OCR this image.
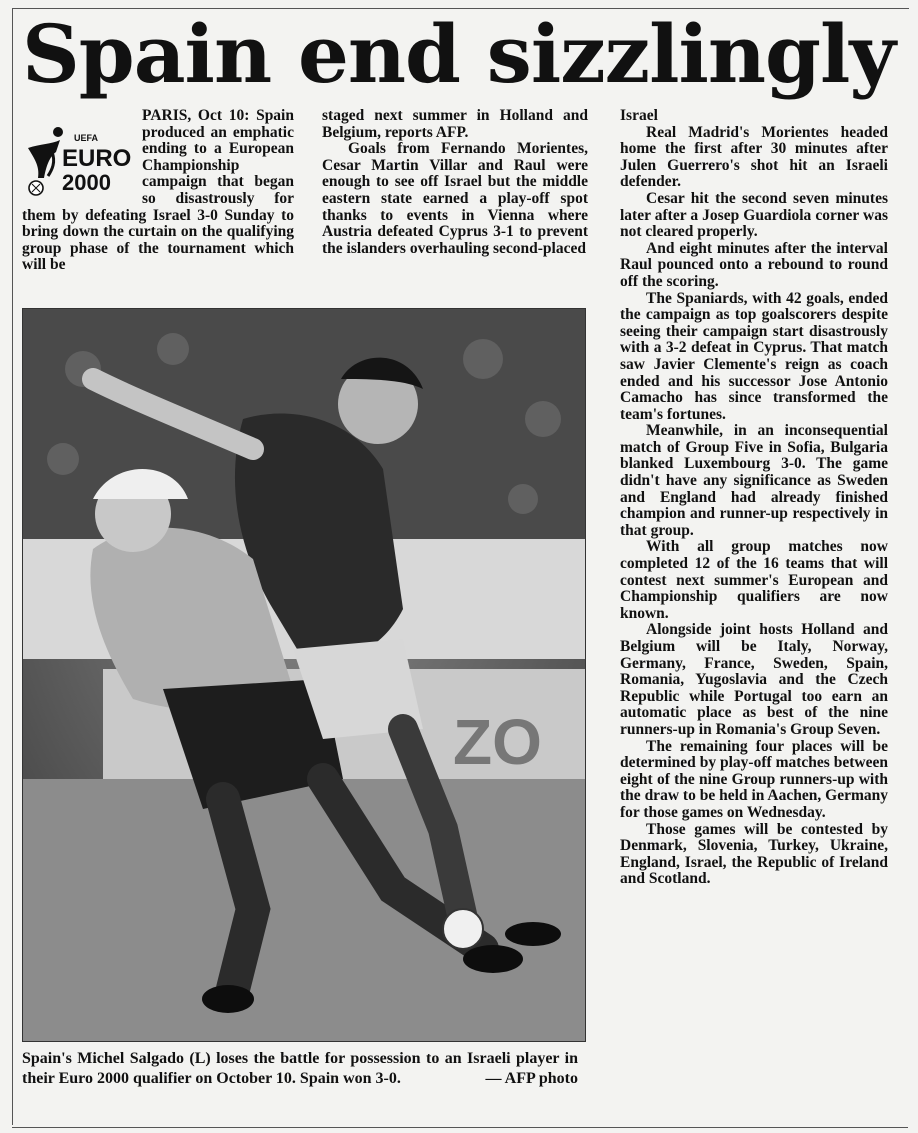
Spain end sizzlingly
UEFA
EURO
2000

PARIS, Oct 10: Spain produced an emphatic ending to a European Championship campaign that began so disastrously for them by defeating Israel 3-0 Sunday to bring down the curtain on the qualifying group phase of the tournament which will be

staged next summer in Holland and Belgium, reports AFP.

Goals from Fernando Morientes, Cesar Martin Villar and Raul were enough to see off Israel but the middle eastern state earned a play-off spot thanks to events in Vienna where Austria defeated Cyprus 3-1 to prevent the islanders overhauling second-placed

Israel

Real Madrid's Morientes headed home the first after 30 minutes after Julen Guerrero's shot hit an Israeli defender.

Cesar hit the second seven minutes later after a Josep Guardiola corner was not cleared properly.

And eight minutes after the interval Raul pounced onto a rebound to round off the scoring.

The Spaniards, with 42 goals, ended the campaign as top goalscorers despite seeing their campaign start disastrously with a 3-2 defeat in Cyprus. That match saw Javier Clemente's reign as coach ended and his successor Jose Antonio Camacho has since transformed the team's fortunes.

Meanwhile, in an inconsequential match of Group Five in Sofia, Bulgaria blanked Luxembourg 3-0. The game didn't have any significance as Sweden and England had already finished champion and runner-up respectively in that group.

With all group matches now completed 12 of the 16 teams that will contest next summer's European and Championship qualifiers are now known.

Alongside joint hosts Holland and Belgium will be Italy, Norway, Germany, France, Sweden, Spain, Romania, Yugoslavia and the Czech Republic while Portugal too earn an automatic place as best of the nine runners-up in Romania's Group Seven.

The remaining four places will be determined by play-off matches between eight of the nine Group runners-up with the draw to be held in Aachen, Germany for those games on Wednesday.

Those games will be contested by Denmark, Slovenia, Turkey, Ukraine, England, Israel, the Republic of Ireland and Scotland.

ZO
Spain's Michel Salgado (L) loses the battle for possession to an Israeli player in their Euro 2000 qualifier on October 10. Spain won 3-0.	— AFP photo
